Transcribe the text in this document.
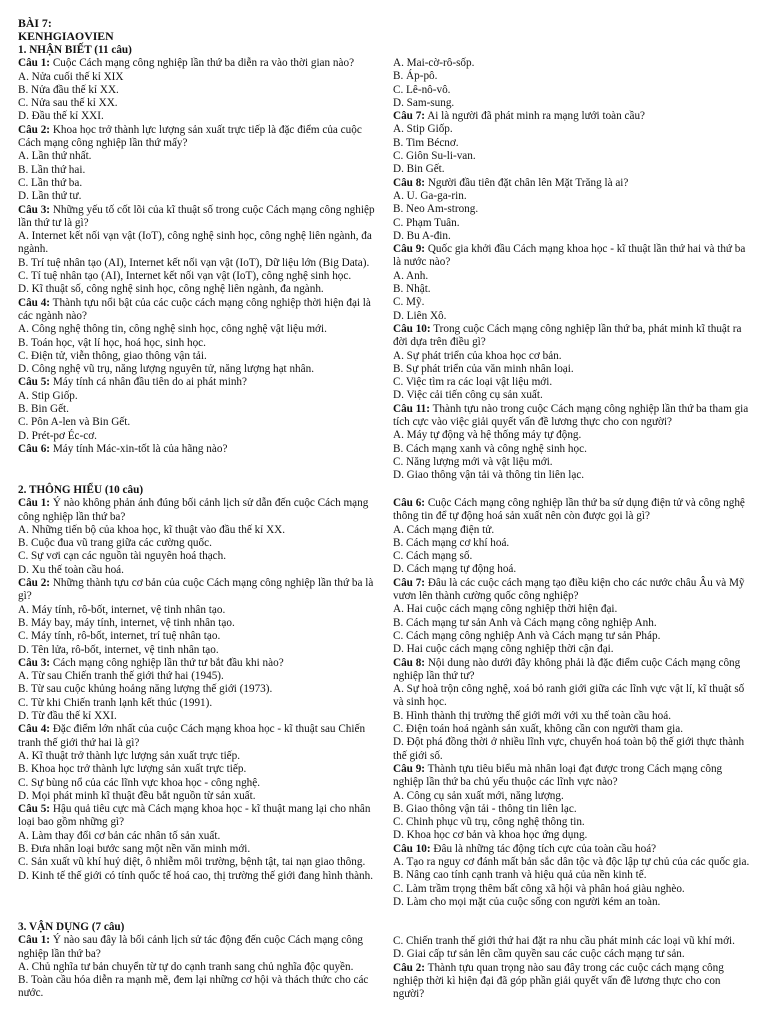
BÀI 7:
KENHGIAOVIEN
1. NHẬN BIẾT (11 câu)
Câu 1: Cuộc Cách mạng công nghiệp lần thứ ba diễn ra vào thời gian nào?
A. Nửa cuối thế kỉ XIX
B. Nửa đầu thế kỉ XX.
C. Nửa sau thế kỉ XX.
D. Đầu thế kỉ XXI.
Câu 2: Khoa học trở thành lực lượng sản xuất trực tiếp là đặc điểm của cuộc Cách mạng công nghiệp lần thứ mấy?
A. Lần thứ nhất.
B. Lần thứ hai.
C. Lần thứ ba.
D. Lần thứ tư.
Câu 3: Những yếu tố cốt lõi của kĩ thuật số trong cuộc Cách mạng công nghiệp lần thứ tư là gì?
A. Internet kết nối vạn vật (IoT), công nghệ sinh học, công nghệ liên ngành, đa ngành.
B. Trí tuệ nhân tạo (AI), Internet kết nối vạn vật (IoT), Dữ liệu lớn (Big Data).
C. Tí tuệ nhân tạo (AI), Internet kết nối vạn vật (IoT), công nghệ sinh học.
D. Kĩ thuật số, công nghệ sinh học, công nghệ liên ngành, đa ngành.
Câu 4: Thành tựu nổi bật của các cuộc cách mạng công nghiệp thời hiện đại là các ngành nào?
A. Công nghệ thông tin, công nghệ sinh học, công nghệ vật liệu mới.
B. Toán học, vật lí học, hoá học, sinh học.
C. Điện tử, viễn thông, giao thông vận tải.
D. Công nghệ vũ trụ, năng lượng nguyên tử, năng lượng hạt nhân.
Câu 5: Máy tính cá nhân đầu tiên do ai phát minh?
A. Stip Giốp.
B. Bin Gết.
C. Pôn A-len và Bin Gết.
D. Prét-pơ Éc-cơ.
Câu 6: Máy tính Mác-xin-tốt là của hãng nào?
A. Mai-cờ-rô-sốp.
B. Áp-pô.
C. Lê-nô-vô.
D. Sam-sung.
Câu 7: Ai là người đã phát minh ra mạng lưới toàn cầu?
A. Stip Giốp.
B. Tim Bécnơ.
C. Giôn Su-li-van.
D. Bin Gết.
Câu 8: Người đầu tiên đặt chân lên Mặt Trăng là ai?
A. U. Ga-ga-rin.
B. Neo Am-strong.
C. Phạm Tuân.
D. Bu A-đin.
Câu 9: Quốc gia khởi đầu Cách mạng khoa học - kĩ thuật lần thứ hai và thứ ba là nước nào?
A. Anh.
B. Nhật.
C. Mỹ.
D. Liên Xô.
Câu 10: Trong cuộc Cách mạng công nghiệp lần thứ ba, phát minh kĩ thuật ra đời dựa trên điều gì?
A. Sự phát triển của khoa học cơ bản.
B. Sự phát triển của văn minh nhân loại.
C. Việc tìm ra các loại vật liệu mới.
D. Việc cải tiến công cụ sản xuất.
Câu 11: Thành tựu nào trong cuộc Cách mạng công nghiệp lần thứ ba tham gia tích cực vào việc giải quyết vấn đề lương thực cho con người?
A. Máy tự động và hệ thống máy tự động.
B. Cách mạng xanh và công nghệ sinh học.
C. Năng lượng mới và vật liệu mới.
D. Giao thông vận tải và thông tin liên lạc.
2. THÔNG HIỂU (10 câu)
Câu 1: Ý nào không phản ánh đúng bối cảnh lịch sử dẫn đến cuộc Cách mạng công nghiệp lần thứ ba?
A. Những tiến bộ của khoa học, kĩ thuật vào đầu thế kỉ XX.
B. Cuộc đua vũ trang giữa các cường quốc.
C. Sự vơi cạn các nguồn tài nguyên hoá thạch.
D. Xu thế toàn cầu hoá.
Câu 2: Những thành tựu cơ bản của cuộc Cách mạng công nghiệp lần thứ ba là gì?
A. Máy tính, rô-bốt, internet, vệ tinh nhân tạo.
B. Máy bay, máy tính, internet, vệ tinh nhân tạo.
C. Máy tính, rô-bốt, internet, trí tuệ nhân tạo.
D. Tên lửa, rô-bốt, internet, vệ tinh nhân tạo.
Câu 3: Cách mạng công nghiệp lần thứ tư bắt đầu khi nào?
A. Từ sau Chiến tranh thế giới thứ hai (1945).
B. Từ sau cuộc khủng hoảng năng lượng thế giới (1973).
C. Từ khi Chiến tranh lạnh kết thúc (1991).
D. Từ đầu thế kỉ XXI.
Câu 4: Đặc điểm lớn nhất của cuộc Cách mạng khoa học - kĩ thuật sau Chiến tranh thế giới thứ hai là gì?
A. Kĩ thuật trở thành lực lượng sản xuất trực tiếp.
B. Khoa học trở thành lực lượng sản xuất trực tiếp.
C. Sự bùng nổ của các lĩnh vực khoa học - công nghệ.
D. Mọi phát minh kĩ thuật đều bắt nguồn từ sản xuất.
Câu 5: Hậu quả tiêu cực mà Cách mạng khoa học - kĩ thuật mang lại cho nhân loại bao gồm những gì?
A. Làm thay đổi cơ bản các nhân tố sản xuất.
B. Đưa nhân loại bước sang một nền văn minh mới.
C. Sản xuất vũ khí huỷ diệt, ô nhiễm môi trường, bệnh tật, tai nạn giao thông.
D. Kinh tế thế giới có tính quốc tế hoá cao, thị trường thế giới đang hình thành.
Câu 6: Cuộc Cách mạng công nghiệp lần thứ ba sử dụng điện tử và công nghệ thông tin để tự động hoá sản xuất nên còn được gọi là gì?
A. Cách mạng điện tử.
B. Cách mạng cơ khí hoá.
C. Cách mạng số.
D. Cách mạng tự động hoá.
Câu 7: Đâu là các cuộc cách mạng tạo điều kiện cho các nước châu Âu và Mỹ vươn lên thành cường quốc công nghiệp?
A. Hai cuộc cách mạng công nghiệp thời hiện đại.
B. Cách mạng tư sản Anh và Cách mạng công nghiệp Anh.
C. Cách mạng công nghiệp Anh và Cách mạng tư sản Pháp.
D. Hai cuộc cách mạng công nghiệp thời cận đại.
Câu 8: Nội dung nào dưới đây không phải là đặc điểm cuộc Cách mạng công nghiệp lần thứ tư?
A. Sự hoà trộn công nghệ, xoá bỏ ranh giới giữa các lĩnh vực vật lí, kĩ thuật số và sinh học.
B. Hình thành thị trường thế giới mới với xu thế toàn cầu hoá.
C. Điện toán hoá ngành sản xuất, không cần con người tham gia.
D. Đột phá đồng thời ở nhiều lĩnh vực, chuyển hoá toàn bộ thế giới thực thành thế giới số.
Câu 9: Thành tựu tiêu biểu mà nhân loại đạt được trong Cách mạng công nghiệp lần thứ ba chủ yếu thuộc các lĩnh vực nào?
A. Công cụ sản xuất mới, năng lượng.
B. Giao thông vận tải - thông tin liên lạc.
C. Chinh phục vũ trụ, công nghệ thông tin.
D. Khoa học cơ bản và khoa học ứng dụng.
Câu 10: Đâu là những tác động tích cực của toàn cầu hoá?
A. Tạo ra nguy cơ đánh mất bản sắc dân tộc và độc lập tự chủ của các quốc gia.
B. Nâng cao tính cạnh tranh và hiệu quả của nền kinh tế.
C. Làm trầm trọng thêm bất công xã hội và phân hoá giàu nghèo.
D. Làm cho mọi mặt của cuộc sống con người kém an toàn.
3. VẬN DỤNG (7 câu)
Câu 1: Ý nào sau đây là bối cảnh lịch sử tác động đến cuộc Cách mạng công nghiệp lần thứ ba?
A. Chủ nghĩa tư bản chuyển từ tự do cạnh tranh sang chủ nghĩa độc quyền.
B. Toàn cầu hóa diễn ra mạnh mẽ, đem lại những cơ hội và thách thức cho các nước.
C. Chiến tranh thế giới thứ hai đặt ra nhu cầu phát minh các loại vũ khí mới.
D. Giai cấp tư sản lên cầm quyền sau các cuộc cách mạng tư sản.
Câu 2: Thành tựu quan trọng nào sau đây trong các cuộc cách mạng công nghiệp thời kì hiện đại đã góp phần giải quyết vấn đề lương thực cho con người?
